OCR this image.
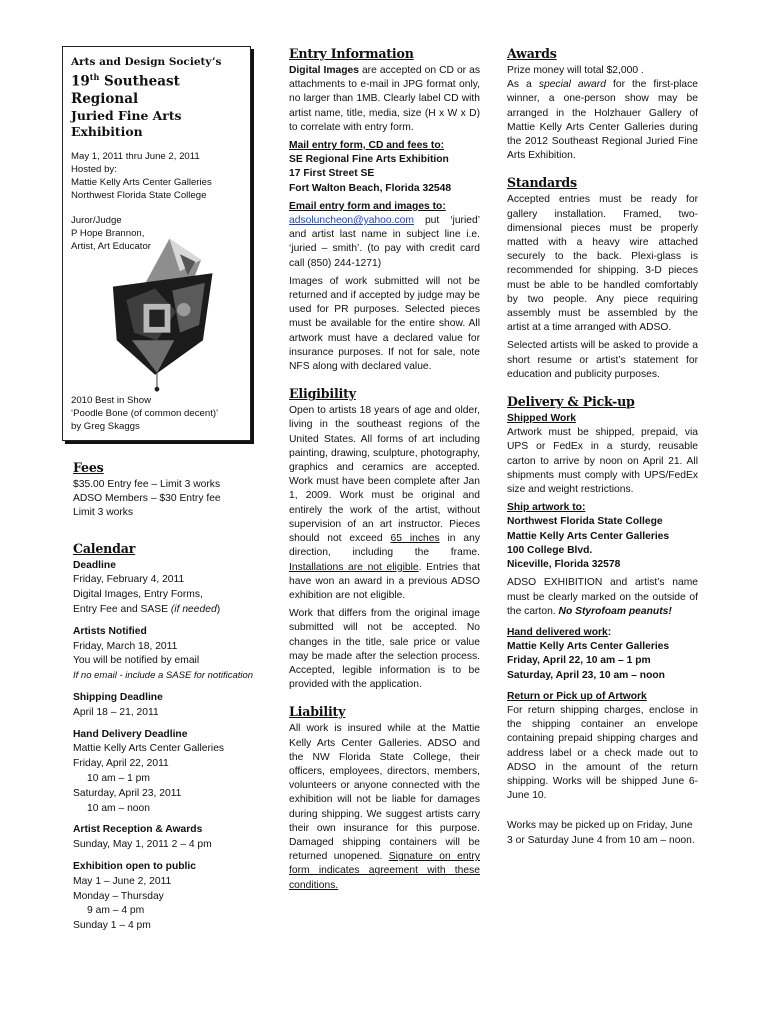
Arts and Design Society’s
19th Southeast Regional
Juried Fine Arts Exhibition
May 1, 2011 thru June 2, 2011
Hosted by:
Mattie Kelly Arts Center Galleries
Northwest Florida State College
Juror/Judge
P Hope Brannon,
Artist, Art Educator
2010 Best in Show
‘Poodle Bone (of common decent)’
by Greg Skaggs
Fees
$35.00 Entry fee – Limit 3 works
ADSO Members – $30 Entry fee
Limit 3 works
Calendar
Deadline
Friday, February 4, 2011
Digital Images, Entry Forms,
Entry Fee and SASE (if needed)
Artists Notified
Friday, March 18, 2011
You will be notified by email
If no email - include a SASE for notification
Shipping Deadline
April 18 – 21, 2011
Hand Delivery Deadline
Mattie Kelly Arts Center Galleries
Friday, April 22, 2011
10 am – 1 pm
Saturday, April 23, 2011
10 am – noon
Artist Reception & Awards
Sunday, May 1, 2011 2 – 4 pm
Exhibition open to public
May 1 – June 2, 2011
Monday – Thursday
9 am – 4 pm
Sunday 1 – 4 pm
Entry Information

Digital Images are accepted on CD or as attachments to e-mail in JPG format only, no larger than 1MB. Clearly label CD with artist name, title, media, size (H x W x D) to correlate with entry form.

Mail entry form, CD and fees to:
SE Regional Fine Arts Exhibition
17 First Street SE
Fort Walton Beach, Florida 32548
Email entry form and images to:

adsoluncheon@yahoo.com put ‘juried’ and artist last name in subject line i.e. ‘juried – smith’. (to pay with credit card call (850) 244-1271)

Images of work submitted will not be returned and if accepted by judge may be used for PR purposes. Selected pieces must be available for the entire show. All artwork must have a declared value for insurance purposes. If not for sale, note NFS along with declared value.

Eligibility

Open to artists 18 years of age and older, living in the southeast regions of the United States. All forms of art including painting, drawing, sculpture, photography, graphics and ceramics are accepted. Work must have been complete after Jan 1, 2009. Work must be original and entirely the work of the artist, without supervision of an art instructor. Pieces should not exceed 65 inches in any direction, including the frame. Installations are not eligible. Entries that have won an award in a previous ADSO exhibition are not eligible.

Work that differs from the original image submitted will not be accepted. No changes in the title, sale price or value may be made after the selection process. Accepted, legible information is to be provided with the application.

Liability

All work is insured while at the Mattie Kelly Arts Center Galleries. ADSO and the NW Florida State College, their officers, employees, directors, members, volunteers or anyone connected with the exhibition will not be liable for damages during shipping. We suggest artists carry their own insurance for this purpose. Damaged shipping containers will be returned unopened. Signature on entry form indicates agreement with these conditions.

Awards
Prize money will total $2,000 .

As a special award for the first-place winner, a one-person show may be arranged in the Holzhauer Gallery of Mattie Kelly Arts Center Galleries during the 2012 Southeast Regional Juried Fine Arts Exhibition.

Standards

Accepted entries must be ready for gallery installation. Framed, two-dimensional pieces must be properly matted with a heavy wire attached securely to the back. Plexi-glass is recommended for shipping. 3-D pieces must be able to be handled comfortably by two people. Any piece requiring assembly must be assembled by the artist at a time arranged with ADSO.

Selected artists will be asked to provide a short resume or artist’s statement for education and publicity purposes.

Delivery & Pick-up
Shipped Work

Artwork must be shipped, prepaid, via UPS or FedEx in a sturdy, reusable carton to arrive by noon on April 21. All shipments must comply with UPS/FedEx size and weight restrictions.

Ship artwork to:
Northwest Florida State College
Mattie Kelly Arts Center Galleries
100 College Blvd.
Niceville, Florida 32578

ADSO EXHIBITION and artist’s name must be clearly marked on the outside of the carton. No Styrofoam peanuts!

Hand delivered work:
Mattie Kelly Arts Center Galleries
Friday, April 22, 10 am – 1 pm
Saturday, April 23, 10 am – noon
Return or Pick up of Artwork

For return shipping charges, enclose in the shipping container an envelope containing prepaid shipping charges and address label or a check made out to ADSO in the amount of the return shipping. Works will be shipped June 6-June 10.

Works may be picked up on Friday, June 3 or Saturday June 4 from 10 am – noon.
